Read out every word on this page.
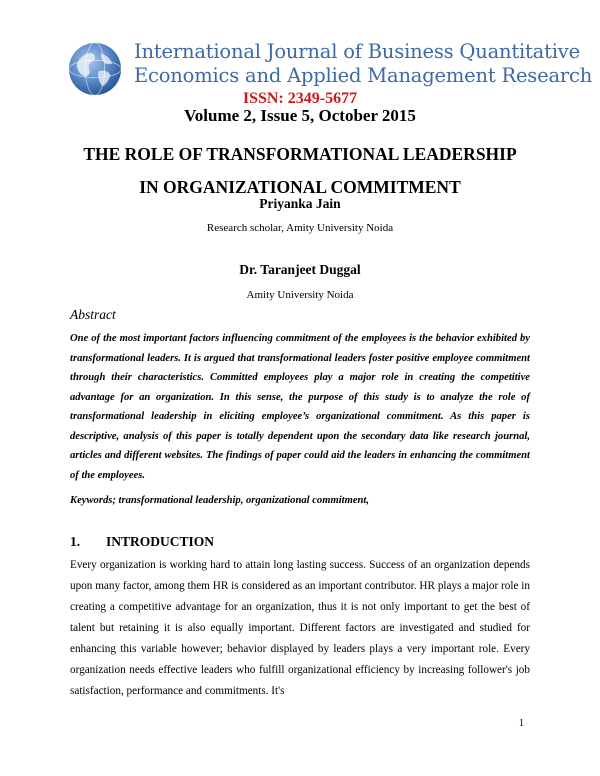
International Journal of Business Quantitative
Economics and Applied Management Research
ISSN: 2349-5677
Volume 2, Issue 5, October 2015
THE ROLE OF TRANSFORMATIONAL LEADERSHIP
IN ORGANIZATIONAL COMMITMENT
Priyanka Jain
Research scholar, Amity University Noida
Dr. Taranjeet Duggal
Amity University Noida
Abstract
One of the most important factors influencing commitment of the employees is the behavior exhibited by transformational leaders. It is argued that transformational leaders foster positive employee commitment through their characteristics. Committed employees play a major role in creating the competitive advantage for an organization. In this sense, the purpose of this study is to analyze the role of transformational leadership in eliciting employee’s organizational commitment. As this paper is descriptive, analysis of this paper is totally dependent upon the secondary data like research journal, articles and different websites. The findings of paper could aid the leaders in enhancing the commitment of the employees.
Keywords; transformational leadership, organizational commitment,
1. INTRODUCTION
Every organization is working hard to attain long lasting success. Success of an organization depends upon many factor, among them HR is considered as an important contributor. HR plays a major role in creating a competitive advantage for an organization, thus it is not only important to get the best of talent but retaining it is also equally important. Different factors are investigated and studied for enhancing this variable however; behavior displayed by leaders plays a very important role. Every organization needs effective leaders who fulfill organizational efficiency by increasing follower's job satisfaction, performance and commitments. It's
1
